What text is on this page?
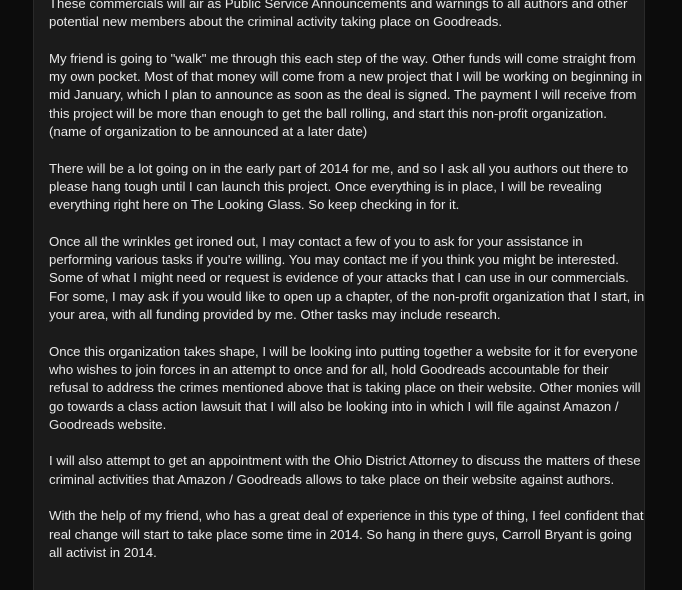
These commercials will air as Public Service Announcements and warnings to all authors and other potential new members about the criminal activity taking place on Goodreads.

My friend is going to "walk" me through this each step of the way. Other funds will come straight from my own pocket. Most of that money will come from a new project that I will be working on beginning in mid January, which I plan to announce as soon as the deal is signed. The payment I will receive from this project will be more than enough to get the ball rolling, and start this non-profit organization. (name of organization to be announced at a later date)

There will be a lot going on in the early part of 2014 for me, and so I ask all you authors out there to please hang tough until I can launch this project. Once everything is in place, I will be revealing everything right here on The Looking Glass. So keep checking in for it.

Once all the wrinkles get ironed out, I may contact a few of you to ask for your assistance in performing various tasks if you're willing. You may contact me if you think you might be interested. Some of what I might need or request is evidence of your attacks that I can use in our commercials. For some, I may ask if you would like to open up a chapter, of the non-profit organization that I start, in your area, with all funding provided by me. Other tasks may include research.

Once this organization takes shape, I will be looking into putting together a website for it for everyone who wishes to join forces in an attempt to once and for all, hold Goodreads accountable for their refusal to address the crimes mentioned above that is taking place on their website. Other monies will go towards a class action lawsuit that I will also be looking into in which I will file against Amazon / Goodreads website.

I will also attempt to get an appointment with the Ohio District Attorney to discuss the matters of these criminal activities that Amazon / Goodreads allows to take place on their website against authors.

With the help of my friend, who has a great deal of experience in this type of thing, I feel confident that real change will start to take place some time in 2014. So hang in there guys, Carroll Bryant is going all activist in 2014.
